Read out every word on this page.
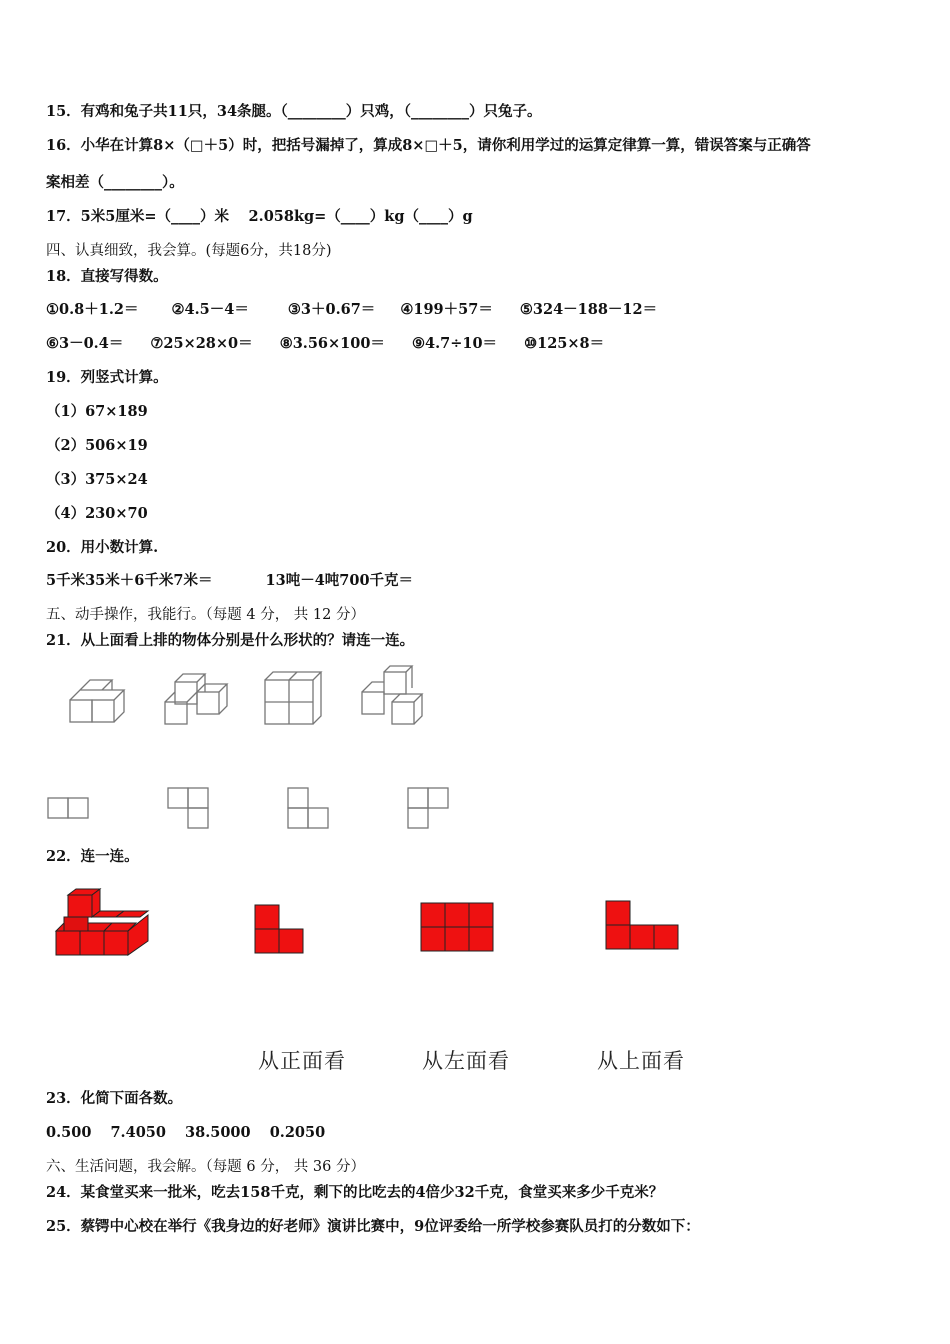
15．有鸡和兔子共11只，34条腿。（________）只鸡，（________）只兔子。
16．小华在计算8×（□＋5）时，把括号漏掉了，算成8×□＋5，请你利用学过的运算定律算一算，错误答案与正确答
案相差（________）。
17．5米5厘米=（____）米　 2.058kg=（____）kg（____）g
四、认真细致，我会算。(每题6分，共18分)
18．直接写得数。
①0.8＋1.2＝ ②4.5－4＝	③3＋0.67＝ ④199＋57＝ ⑤324－188－12＝
⑥3－0.4＝ ⑦25×28×0＝ ⑧3.56×100＝ ⑨4.7÷10＝ ⑩125×8＝
19．列竖式计算。
（1）67×189
（2）506×19
（3）375×24
（4）230×70
20．用小数计算.
5千米35米＋6千米7米＝	13吨－4吨700千克＝
五、动手操作，我能行。（每题 4 分， 共 12 分）
21．从上面看上排的物体分别是什么形状的？请连一连。
22．连一连。
从正面看	从左面看	从上面看
23．化简下面各数。
0.500 7.4050 38.5000 0.2050
六、生活问题，我会解。（每题 6 分， 共 36 分）
24．某食堂买来一批米，吃去158千克，剩下的比吃去的4倍少32千克，食堂买来多少千克米？
25．蔡锷中心校在举行《我身边的好老师》演讲比赛中，9位评委给一所学校参赛队员打的分数如下：
